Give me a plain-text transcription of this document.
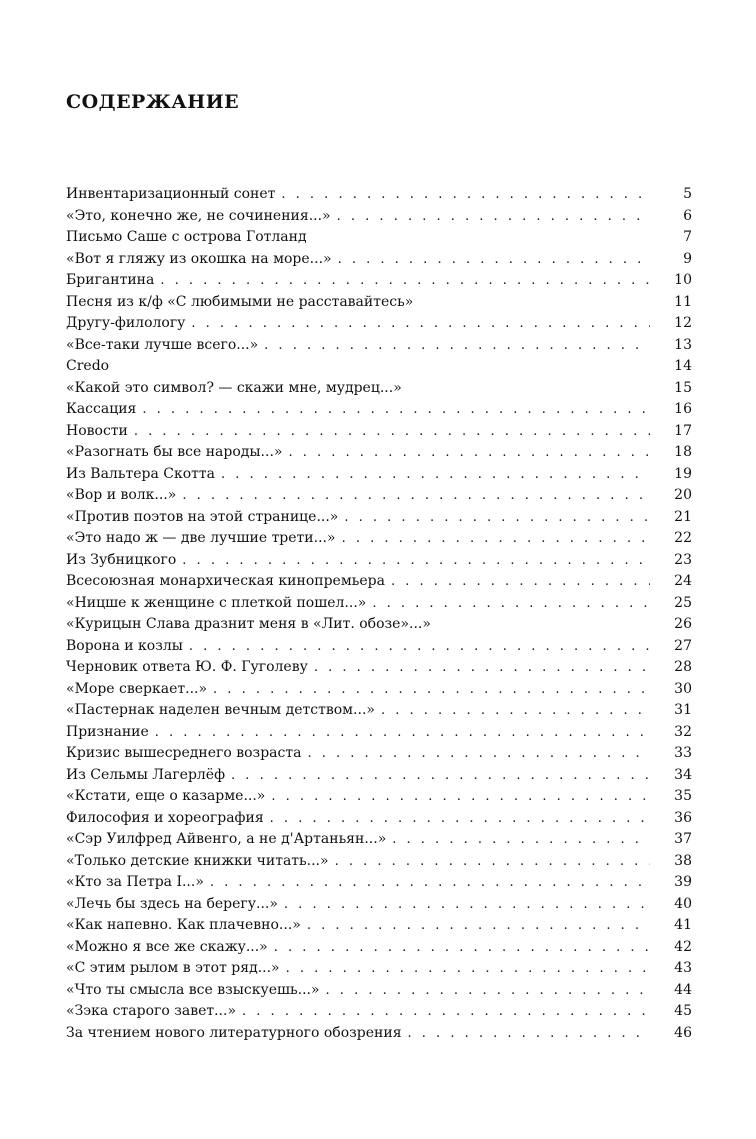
СОДЕРЖАНИЕ
Инвентаризационный сонет . . .	5
«Это, конечно же, не сочинения...» . . .	6
Письмо Саше с острова Готланд	7
«Вот я гляжу из окошка на море...» . . .	9
Бригантина . . .	10
Песня из к/ф «С любимыми не расставайтесь»	11
Другу-филологу . . .	12
«Все-таки лучше всего...» . . .	13
Credo	14
«Какой это символ? — скажи мне, мудрец...»	15
Кассация . . .	16
Новости . . .	17
«Разогнать бы все народы...» . . .	18
Из Вальтера Скотта . . .	19
«Вор и волк...» . . .	20
«Против поэтов на этой странице...» . . .	21
«Это надо ж — две лучшие трети...» . . .	22
Из Зубницкого . . .	23
Всесоюзная монархическая кинопремьера . . .	24
«Ницше к женщине с плеткой пошел...» . . .	25
«Курицын Слава дразнит меня в «Лит. обозе»...»	26
Ворона и козлы . . .	27
Черновик ответа Ю. Ф. Гуголеву . . .	28
«Море сверкает...» . . .	30
«Пастернак наделен вечным детством...» . . .	31
Признание . . .	32
Кризис вышесреднего возраста . . .	33
Из Сельмы Лагерлёф . . .	34
«Кстати, еще о казарме...» . . .	35
Философия и хореография . . .	36
«Сэр Уилфред Айвенго, а не д'Артаньян...» . . .	37
«Только детские книжки читать...» . . .	38
«Кто за Петра I...» . . .	39
«Лечь бы здесь на берегу...» . . .	40
«Как напевно. Как плачевно...» . . .	41
«Можно я все же скажу...» . . .	42
«С этим рылом в этот ряд...» . . .	43
«Что ты смысла все взыскуешь...» . . .	44
«Зэка старого завет...» . . .	45
За чтением нового литературного обозрения . . .	46
